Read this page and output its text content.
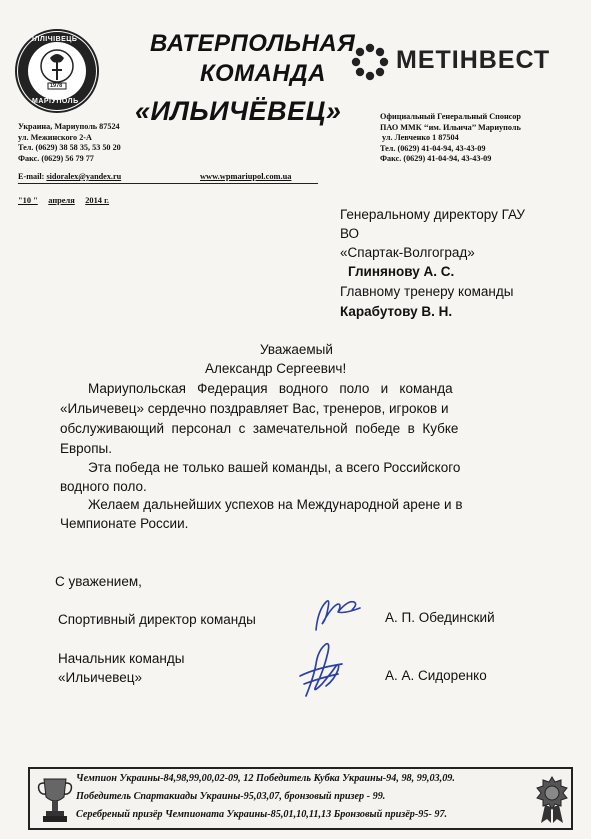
ІЛЛІЧІВЕЦЬ
1978
МАРІУПОЛЬ
ВАТЕРПОЛЬНАЯ
КОМАНДА
«ИЛЬИЧЁВЕЦ»
МЕТІНВЕСТ
Украина, Мариуполь 87524
ул. Межинского 2-А
Тел. (0629) 38 58 35, 53 50 20
Факс. (0629) 56 79 77
E-mail: sidoralex@yandex.ru	www.wpmariupol.com.ua
Официальный Генеральный Спонсор
ПАО ММК ‘‘им. Ильича’’ Мариуполь
ул. Левченко 1 87504
Тел. (0629) 41-04-94, 43-43-09
Факс. (0629) 41-04-94, 43-43-09
"10 " апреля 2014 г.
Генеральному директору ГАУ
ВО
«Спартак-Волгоград»
Глинянову А. С.
Главному тренеру команды
Карабутову В. Н.
Уважаемый
Александр Сергеевич!
Мариупольская   Федерация   водного   поло   и   команда
«Ильичевец» сердечно поздравляет Вас, тренеров, игроков и
обслуживающий  персонал  с  замечательной  победе  в  Кубке
Европы.
Эта победа не только вашей команды, а всего Российского
водного поло.
Желаем дальнейших успехов на Международной арене и в
Чемпионате России.
С уважением,
Спортивный директор команды	А. П. Обединский
Начальник команды
«Ильичевец»	А. А. Сидоренко
Чемпион Украины-84,98,99,00,02-09, 12 Победитель Кубка Украины-94, 98, 99,03,09.
Победитель Спартакиады Украины-95,03,07, бронзовый призер - 99.
Серебреный призёр Чемпионата Украины-85,01,10,11,13 Бронзовый призёр-95- 97.
